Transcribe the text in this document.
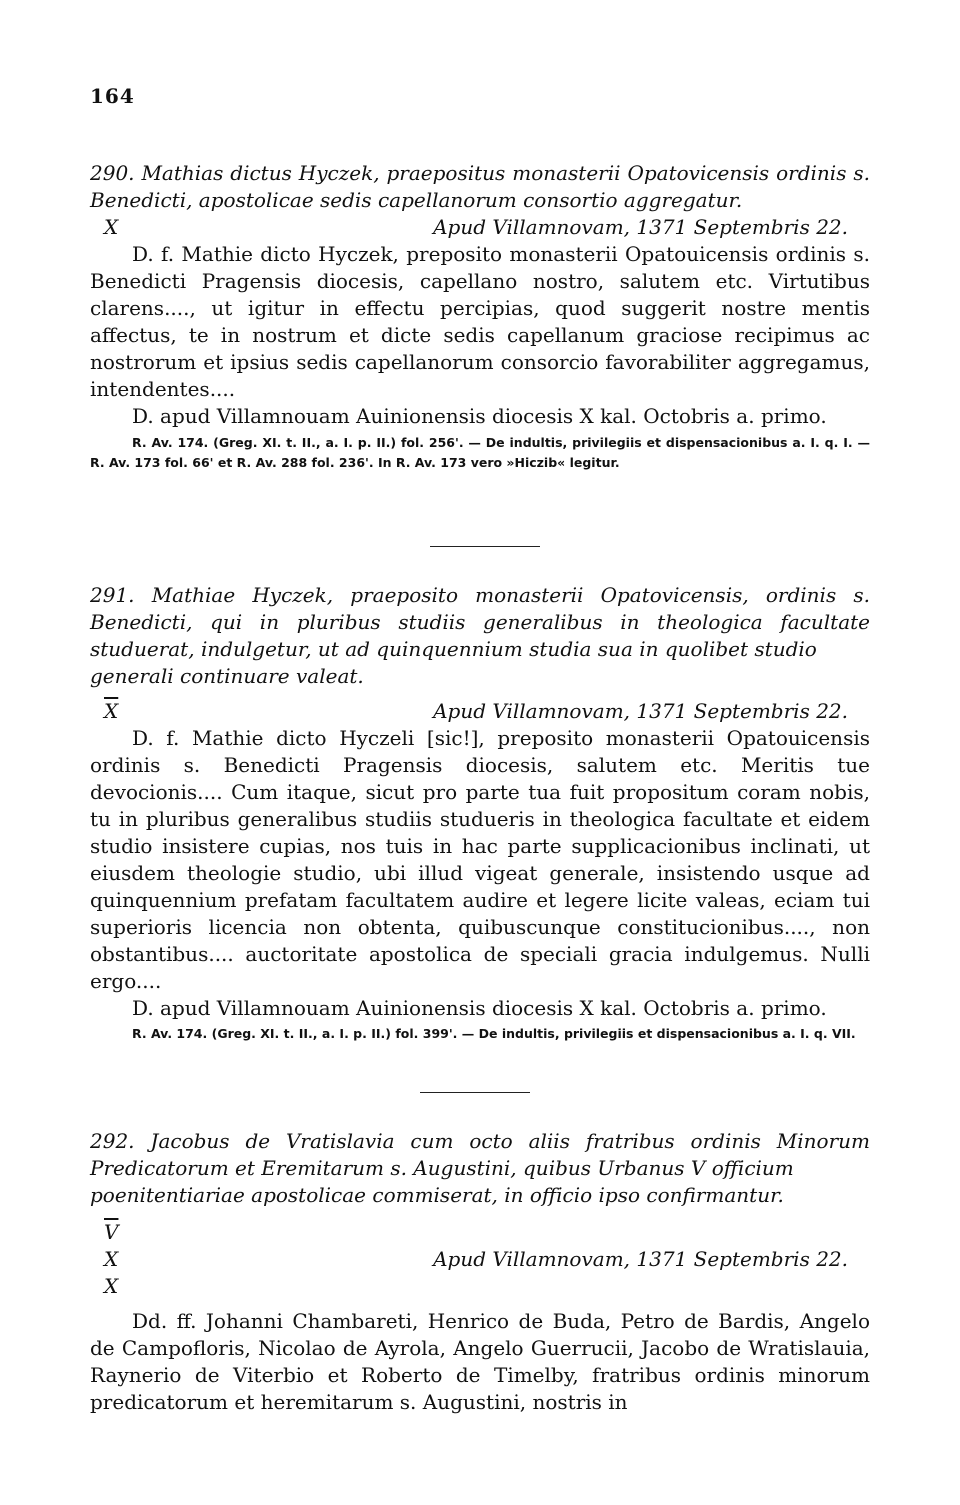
164

290. Mathias dictus Hyczek, praepositus monasterii Opatovicensis ordinis s. Benedicti, apostolicae sedis capellanorum consortio aggregatur.

X	Apud Villamnovam, 1371 Septembris 22.

D. f. Mathie dicto Hyczek, preposito monasterii Opatouicensis ordinis s. Benedicti Pragensis diocesis, capellano nostro, salutem etc. Virtutibus clarens...., ut igitur in effectu percipias, quod suggerit nostre mentis affectus, te in nostrum et dicte sedis capellanum graciose recipimus ac nostrorum et ipsius sedis capellanorum consorcio favorabiliter aggregamus, intendentes....

D. apud Villamnouam Auinionensis diocesis X kal. Octobris a. primo.

R. Av. 174. (Greg. XI. t. II., a. I. p. II.) fol. 256'. — De indultis, privilegiis et dispensacionibus a. I. q. I. — R. Av. 173 fol. 66' et R. Av. 288 fol. 236'. In R. Av. 173 vero »Hiczib« legitur.

291. Mathiae Hyczek, praeposito monasterii Opatovicensis, ordinis s. Benedicti, qui in pluribus studiis generalibus in theologica facultate studuerat, indulgetur, ut ad quinquennium studia sua in quolibet studio

generali continuare valeat.

$\overline{X}$	Apud Villamnovam, 1371 Septembris 22.

D. f. Mathie dicto Hyczeli [sic!], preposito monasterii Opatouicensis ordinis s. Benedicti Pragensis diocesis, salutem etc. Meritis tue devocionis.... Cum itaque, sicut pro parte tua fuit propositum coram nobis, tu in pluribus generalibus studiis studueris in theologica facultate et eidem studio insistere cupias, nos tuis in hac parte supplicacionibus inclinati, ut eiusdem theologie studio, ubi illud vigeat generale, insistendo usque ad quinquennium prefatam facultatem audire et legere licite valeas, eciam tui superioris licencia non obtenta, quibuscunque constitucionibus...., non obstantibus.... auctoritate apostolica de speciali gracia indulgemus. Nulli ergo....

D. apud Villamnouam Auinionensis diocesis X kal. Octobris a. primo.

R. Av. 174. (Greg. XI. t. II., a. I. p. II.) fol. 399'. — De indultis, privilegiis et dispensacionibus a. I. q. VII.

292. Jacobus de Vratislavia cum octo aliis fratribus ordinis Minorum Predicatorum et Eremitarum s. Augustini, quibus Urbanus V officium

poenitentiariae apostolicae commiserat, in officio ipso confirmantur.

$\overline{V}$
X	Apud Villamnovam, 1371 Septembris 22.
X

Dd. ff. Johanni Chambareti, Henrico de Buda, Petro de Bardis, Angelo de Campofloris, Nicolao de Ayrola, Angelo Guerrucii, Jacobo de Wratislauia, Raynerio de Viterbio et Roberto de Timelby, fratribus ordinis minorum predicatorum et heremitarum s. Augustini, nostris in
